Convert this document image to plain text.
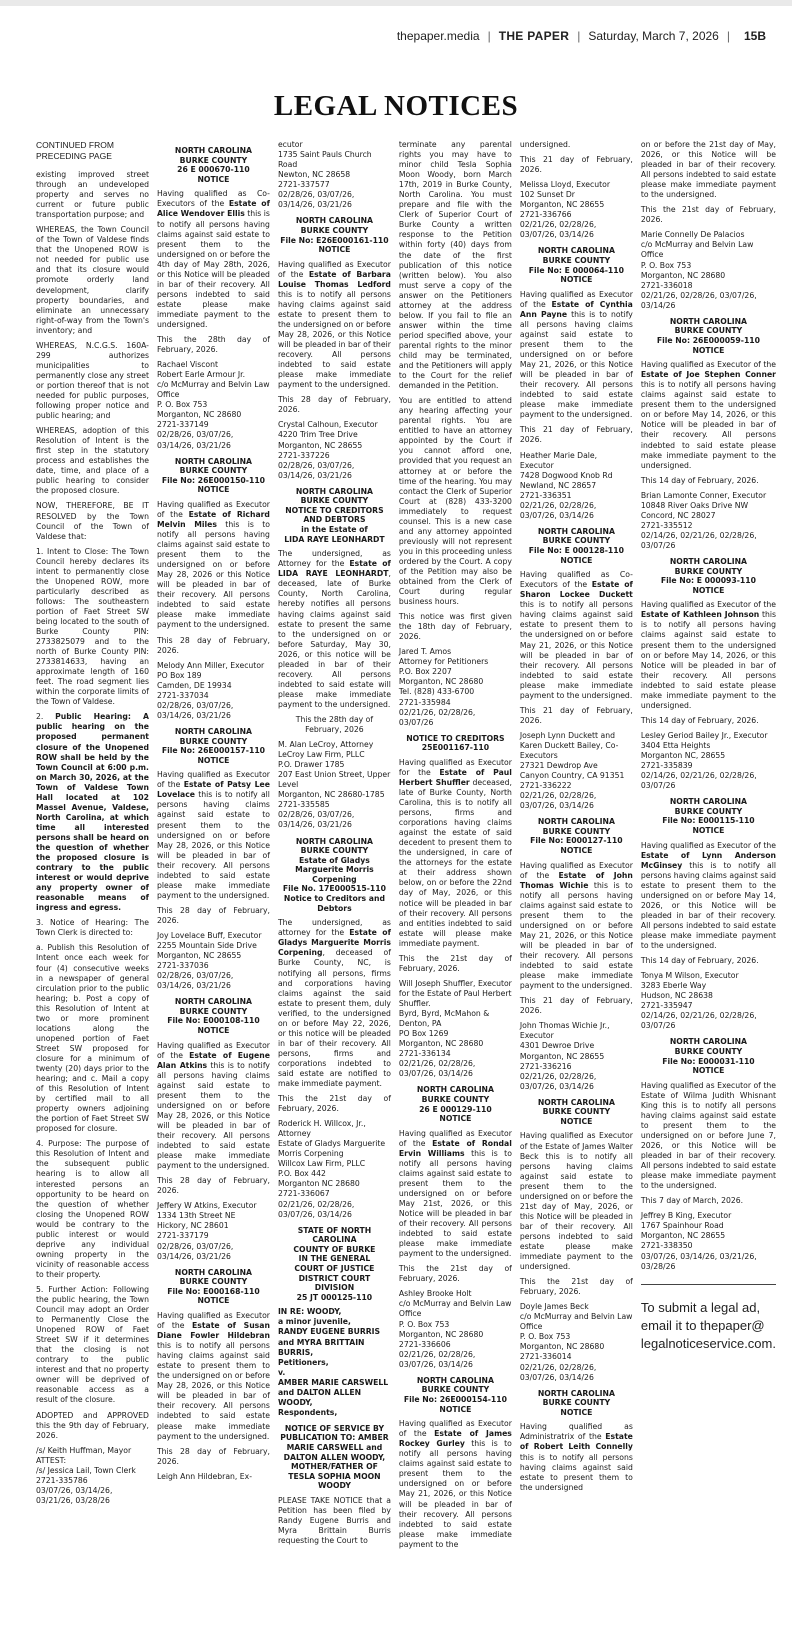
thepaper.media | THE PAPER | Saturday, March 7, 2026 | 15B
LEGAL NOTICES
CONTINUED FROM PRECEDING PAGE

existing improved street through an undeveloped property and serves no current or future public transportation purpose; and

WHEREAS, the Town Council of the Town of Valdese finds that the Unopened ROW is not needed for public use and that its closure would promote orderly land development, clarify property boundaries, and eliminate an unnecessary right-of-way from the Town's inventory; and

WHEREAS, N.C.G.S. 160A-299 authorizes municipalities to permanently close any street or portion thereof that is not needed for public purposes, following proper notice and public hearing; and

WHEREAS, adoption of this Resolution of Intent is the first step in the statutory process and establishes the date, time, and place of a public hearing to consider the proposed closure.

NOW, THEREFORE, BE IT RESOLVED by the Town Council of the Town of Valdese that:

1. Intent to Close: The Town Council hereby declares its intent to permanently close the Unopened ROW, more particularly described as follows: The southeastern portion of Faet Street SW being located to the south of Burke County PIN: 2733825079 and to the north of Burke County PIN: 2733814633, having an approximate length of 160 feet. The road segment lies within the corporate limits of the Town of Valdese.

2. Public Hearing: A public hearing on the proposed permanent closure of the Unopened ROW shall be held by the Town Council at 6:00 p.m. on March 30, 2026, at the Town of Valdese Town Hall located at 102 Massel Avenue, Valdese, North Carolina, at which time all interested persons shall be heard on the question of whether the proposed closure is contrary to the public interest or would deprive any property owner of reasonable means of ingress and egress.

3. Notice of Hearing: The Town Clerk is directed to:

a. Publish this Resolution of Intent once each week for four (4) consecutive weeks in a newspaper of general circulation prior to the public hearing; b. Post a copy of this Resolution of Intent at two or more prominent locations along the unopened portion of Faet Street SW proposed for closure for a minimum of twenty (20) days prior to the hearing; and c. Mail a copy of this Resolution of Intent by certified mail to all property owners adjoining the portion of Faet Street SW proposed for closure.

4. Purpose: The purpose of this Resolution of Intent and the subsequent public hearing is to allow all interested persons an opportunity to be heard on the question of whether closing the Unopened ROW would be contrary to the public interest or would deprive any individual owning property in the vicinity of reasonable access to their property.

5. Further Action: Following the public hearing, the Town Council may adopt an Order to Permanently Close the Unopened ROW of Faet Street SW if it determines that the closing is not contrary to the public interest and that no property owner will be deprived of reasonable access as a result of the closure.

ADOPTED and APPROVED this the 9th day of February, 2026.

/s/ Keith Huffman, Mayor
ATTEST:
/s/ Jessica Lail, Town Clerk
2721-335786
03/07/26, 03/14/26, 03/21/26, 03/28/26

NORTH CAROLINA
BURKE COUNTY
26 E 000670-110
NOTICE

Having qualified as Co-Executors of the Estate of Alice Wendover Ellis this is to notify all persons having claims against said estate to present them to the undersigned on or before the 4th day of May 28th, 2026, or this Notice will be pleaded in bar of their recovery. All persons indebted to said estate please make immediate payment to the undersigned.

This the 28th day of February, 2026.

Rachael Viscont
Robert Earle Armour Jr.
c/o McMurray and Belvin Law Office
P. O. Box 753
Morganton, NC 28680
2721-337149
02/28/26, 03/07/26, 03/14/26, 03/21/26

NORTH CAROLINA
BURKE COUNTY
File No: 26E000150-110
NOTICE

Having qualified as Executor of the Estate of Richard Melvin Miles this is to notify all persons having claims against said estate to present them to the undersigned on or before May 28, 2026 or this Notice will be pleaded in bar of their recovery. All persons indebted to said estate please make immediate payment to the undersigned.

This 28 day of February, 2026.

Melody Ann Miller, Executor
PO Box 189
Camden, DE 19934
2721-337034
02/28/26, 03/07/26, 03/14/26, 03/21/26

NORTH CAROLINA
BURKE COUNTY
File No: 26E000157-110
NOTICE

Having qualified as Executor of the Estate of Patsy Lee Lovelace this is to notify all persons having claims against said estate to present them to the undersigned on or before May 28, 2026, or this Notice will be pleaded in bar of their recovery. All persons indebted to said estate please make immediate payment to the undersigned.

This 28 day of February, 2026.

Joy Lovelace Buff, Executor
2255 Mountain Side Drive
Morganton, NC 28655
2721-337036
02/28/26, 03/07/26, 03/14/26, 03/21/26

NORTH CAROLINA
BURKE COUNTY
File No: E000108-110
NOTICE

Having qualified as Executor of the Estate of Eugene Alan Atkins this is to notify all persons having claims against said estate to present them to the undersigned on or before May 28, 2026, or this Notice will be pleaded in bar of their recovery. All persons indebted to said estate please make immediate payment to the undersigned.

This 28 day of February, 2026.

Jeffery W Atkins, Executor
1334 13th Street NE
Hickory, NC 28601
2721-337179
02/28/26, 03/07/26, 03/14/26, 03/21/26

NORTH CAROLINA
BURKE COUNTY
File No: E000168-110
NOTICE

Having qualified as Executor of the Estate of Susan Diane Fowler Hildebran this is to notify all persons having claims against said estate to present them to the undersigned on or before May 28, 2026, or this Notice will be pleaded in bar of their recovery. All persons indebted to said estate please make immediate payment to the undersigned.

This 28 day of February, 2026.

Leigh Ann Hildebran, Ex-

ecutor
1735 Saint Pauls Church Road
Newton, NC 28658
2721-337577
02/28/26, 03/07/26, 03/14/26, 03/21/26

NORTH CAROLINA
BURKE COUNTY
File No: E26E000161-110
NOTICE

Having qualified as Executor of the Estate of Barbara Louise Thomas Ledford this is to notify all persons having claims against said estate to present them to the undersigned on or before May 28, 2026, or this Notice will be pleaded in bar of their recovery. All persons indebted to said estate please make immediate payment to the undersigned.

This 28 day of February, 2026.

Crystal Calhoun, Executor
4220 Trim Tree Drive
Morganton, NC 28655
2721-337226
02/28/26, 03/07/26, 03/14/26, 03/21/26

NORTH CAROLINA
BURKE COUNTY
NOTICE TO CREDITORS
AND DEBTORS
in the Estate of
LIDA RAYE LEONHARDT

The undersigned, as Attorney for the Estate of LIDA RAYE LEONHARDT, deceased, late of Burke County, North Carolina, hereby notifies all persons having claims against said estate to present the same to the undersigned on or before Saturday, May 30, 2026, or this notice will be pleaded in bar of their recovery. All persons indebted to said estate will please make immediate payment to the undersigned.

This the 28th day of February, 2026

M. Alan LeCroy, Attorney
LeCroy Law Firm, PLLC
P.O. Drawer 1785
207 East Union Street, Upper Level
Morganton, NC 28680-1785
2721-335585
02/28/26, 03/07/26, 03/14/26, 03/21/26

NORTH CAROLINA
BURKE COUNTY
Estate of Gladys
Marguerite Morris
Corpening
File No. 17E000515-110
Notice to Creditors and
Debtors

The undersigned, as attorney for the Estate of Gladys Marguerite Morris Corpening, deceased of Burke County, NC, is notifying all persons, firms and corporations having claims against the said estate to present them, duly verified, to the undersigned on or before May 22, 2026, or this notice will be pleaded in bar of their recovery. All persons, firms and corporations indebted to said estate are notified to make immediate payment.

This the 21st day of February, 2026.

Roderick H. Willcox, Jr., Attorney
Estate of Gladys Marguerite Morris Corpening
Willcox Law Firm, PLLC
P.O. Box 442
Morganton NC 28680
2721-336067
02/21/26, 02/28/26, 03/07/26, 03/14/26

STATE OF NORTH
CAROLINA
COUNTY OF BURKE
IN THE GENERAL
COURT OF JUSTICE
DISTRICT COURT DIVISION
25 JT 000125-110

IN RE: WOODY,
a minor juvenile,
RANDY EUGENE BURRIS
and MYRA BRITTAIN BURRIS,
Petitioners,
v.
AMBER MARIE CARSWELL
and DALTON ALLEN
WOODY,
Respondents,

NOTICE OF SERVICE BY
PUBLICATION TO: AMBER
MARIE CARSWELL and
DALTON ALLEN WOODY,
MOTHER/FATHER OF
TESLA SOPHIA MOON
WOODY

PLEASE TAKE NOTICE that a Petition has been filed by Randy Eugene Burris and Myra Brittain Burris requesting the Court to

terminate any parental rights you may have to minor child Tesla Sophia Moon Woody, born March 17th, 2019 in Burke County, North Carolina. You must prepare and file with the Clerk of Superior Court of Burke County a written response to the Petition within forty (40) days from the date of the first publication of this notice (written below). You also must serve a copy of the answer on the Petitioners attorney at the address below. If you fail to file an answer within the time period specified above, your parental rights to the minor child may be terminated, and the Petitioners will apply to the Court for the relief demanded in the Petition.

You are entitled to attend any hearing affecting your parental rights. You are entitled to have an attorney appointed by the Court if you cannot afford one, provided that you request an attorney at or before the time of the hearing. You may contact the Clerk of Superior Court at (828) 433-3200 immediately to request counsel. This is a new case and any attorney appointed previously will not represent you in this proceeding unless ordered by the Court. A copy of the Petition may also be obtained from the Clerk of Court during regular business hours.

This notice was first given the 18th day of February, 2026.

Jared T. Amos
Attorney for Petitioners
P.O. Box 2207
Morganton, NC 28680
Tel. (828) 433-6700
2721-335984
02/21/26, 02/28/26, 03/07/26

NOTICE TO CREDITORS
25E001167-110

Having qualified as Executor for the Estate of Paul Herbert Shuffler deceased, late of Burke County, North Carolina, this is to notify all persons, firms and corporations having claims against the estate of said decedent to present them to the undersigned, in care of the attorneys for the estate at their address shown below, on or before the 22nd day of May, 2026, or this notice will be pleaded in bar of their recovery. All persons and entities indebted to said estate will please make immediate payment.

This the 21st day of February, 2026.

Will Joseph Shuffler, Executor for the Estate of Paul Herbert Shuffler.
Byrd, Byrd, McMahon & Denton, PA
PO Box 1269
Morganton, NC 28680
2721-336134
02/21/26, 02/28/26, 03/07/26, 03/14/26

NORTH CAROLINA
BURKE COUNTY
26 E 000129-110
NOTICE

Having qualified as Executor of the Estate of Rondal Ervin Williams this is to notify all persons having claims against said estate to present them to the undersigned on or before May 21st, 2026, or this Notice will be pleaded in bar of their recovery. All persons indebted to said estate please make immediate payment to the undersigned.

This the 21st day of February, 2026.

Ashley Brooke Holt
c/o McMurray and Belvin Law Office
P. O. Box 753
Morganton, NC 28680
2721-336606
02/21/26, 02/28/26, 03/07/26, 03/14/26

NORTH CAROLINA
BURKE COUNTY
File No: 26E000154-110
NOTICE

Having qualified as Executor of the Estate of James Rockey Gurley this is to notify all persons having claims against said estate to present them to the undersigned on or before May 21, 2026, or this Notice will be pleaded in bar of their recovery. All persons indebted to said estate please make immediate payment to the

undersigned.

This 21 day of February, 2026.

Melissa Lloyd, Executor
102 Sunset Dr
Morganton, NC 28655
2721-336766
02/21/26, 02/28/26, 03/07/26, 03/14/26

NORTH CAROLINA
BURKE COUNTY
File No: E 000064-110
NOTICE

Having qualified as Executor of the Estate of Cynthia Ann Payne this is to notify all persons having claims against said estate to present them to the undersigned on or before May 21, 2026, or this Notice will be pleaded in bar of their recovery. All persons indebted to said estate please make immediate payment to the undersigned.

This 21 day of February, 2026.

Heather Marie Dale, Executor
7428 Dogwood Knob Rd
Newland, NC 28657
2721-336351
02/21/26, 02/28/26, 03/07/26, 03/14/26

NORTH CAROLINA
BURKE COUNTY
File No: E 000128-110
NOTICE

Having qualified as Co-Executors of the Estate of Sharon Lockee Duckett this is to notify all persons having claims against said estate to present them to the undersigned on or before May 21, 2026, or this Notice will be pleaded in bar of their recovery. All persons indebted to said estate please make immediate payment to the undersigned.

This 21 day of February, 2026.

Joseph Lynn Duckett and Karen Duckett Bailey, Co-Executors
27321 Dewdrop Ave
Canyon Country, CA 91351
2721-336222
02/21/26, 02/28/26, 03/07/26, 03/14/26

NORTH CAROLINA
BURKE COUNTY
File No: E000127-110
NOTICE

Having qualified as Executor of the Estate of John Thomas Wichie this is to notify all persons having claims against said estate to present them to the undersigned on or before May 21, 2026, or this Notice will be pleaded in bar of their recovery. All persons indebted to said estate please make immediate payment to the undersigned.

This 21 day of February, 2026.

John Thomas Wichie Jr., Executor
4301 Dewroe Drive
Morganton, NC 28655
2721-336216
02/21/26, 02/28/26, 03/07/26, 03/14/26

NORTH CAROLINA
BURKE COUNTY
NOTICE

Having qualified as Executor of the Estate of James Walter Beck this is to notify all persons having claims against said estate to present them to the undersigned on or before the 21st day of May, 2026, or this Notice will be pleaded in bar of their recovery. All persons indebted to said estate please make immediate payment to the undersigned.

This the 21st day of February, 2026.

Doyle James Beck
c/o McMurray and Belvin Law Office
P. O. Box 753
Morganton, NC 28680
2721-336014
02/21/26, 02/28/26, 03/07/26, 03/14/26

NORTH CAROLINA
BURKE COUNTY
NOTICE

Having qualified as Administratrix of the Estate of Robert Leith Connelly this is to notify all persons having claims against said estate to present them to the undersigned

on or before the 21st day of May, 2026, or this Notice will be pleaded in bar of their recovery. All persons indebted to said estate please make immediate payment to the undersigned.

This the 21st day of February, 2026.

Marie Connelly De Palacios
c/o McMurray and Belvin Law Office
P. O. Box 753
Morganton, NC 28680
2721-336018
02/21/26, 02/28/26, 03/07/26, 03/14/26

NORTH CAROLINA
BURKE COUNTY
File No: 26E000059-110
NOTICE

Having qualified as Executor of the Estate of Joe Stephen Conner this is to notify all persons having claims against said estate to present them to the undersigned on or before May 14, 2026, or this Notice will be pleaded in bar of their recovery. All persons indebted to said estate please make immediate payment to the undersigned.

This 14 day of February, 2026.

Brian Lamonte Conner, Executor
10848 River Oaks Drive NW
Concord, NC 28027
2721-335512
02/14/26, 02/21/26, 02/28/26, 03/07/26

NORTH CAROLINA
BURKE COUNTY
File No: E 000093-110
NOTICE

Having qualified as Executor of the Estate of Kathleen Johnson this is to notify all persons having claims against said estate to present them to the undersigned on or before May 14, 2026, or this Notice will be pleaded in bar of their recovery. All persons indebted to said estate please make immediate payment to the undersigned.

This 14 day of February, 2026.

Lesley Geriod Bailey Jr., Executor
3404 Etta Heights
Morganton NC, 28655
2721-335839
02/14/26, 02/21/26, 02/28/26, 03/07/26

NORTH CAROLINA
BURKE COUNTY
File No: E000115-110
NOTICE

Having qualified as Executor of the Estate of Lynn Anderson McGinsey this is to notify all persons having claims against said estate to present them to the undersigned on or before May 14, 2026, or this Notice will be pleaded in bar of their recovery. All persons indebted to said estate please make immediate payment to the undersigned.

This 14 day of February, 2026.

Tonya M Wilson, Executor
3283 Eberle Way
Hudson, NC 28638
2721-335947
02/14/26, 02/21/26, 02/28/26, 03/07/26

NORTH CAROLINA
BURKE COUNTY
File No: E000031-110
NOTICE

Having qualified as Executor of the Estate of Wilma Judith Whisnant King this is to notify all persons having claims against said estate to present them to the undersigned on or before June 7, 2026, or this Notice will be pleaded in bar of their recovery. All persons indebted to said estate please make immediate payment to the undersigned.

This 7 day of March, 2026.

Jeffrey B King, Executor
1767 Spainhour Road
Morganton, NC 28655
2721-338350
03/07/26, 03/14/26, 03/21/26, 03/28/26

To submit a legal ad, email it to thepaper@ legalnoticeservice.com.
